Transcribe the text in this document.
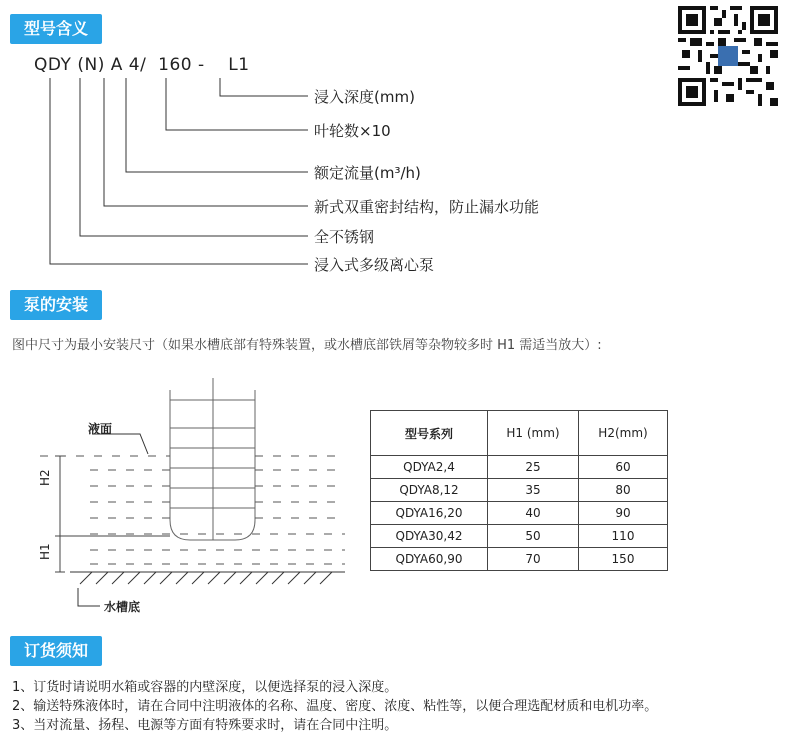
型号含义
QDY (N) A 4/ 160 - L1
浸入深度(mm)
叶轮数×10
额定流量(m³/h)
新式双重密封结构，防止漏水功能
全不锈钢
浸入式多级离心泵
泵的安装
图中尺寸为最小安装尺寸（如果水槽底部有特殊装置，或水槽底部铁屑等杂物较多时 H1 需适当放大）:
液面
水槽底
H2
H1
型号系列	H1 (mm)	H2(mm)
QDYA2,4	25	60
QDYA8,12	35	80
QDYA16,20	40	90
QDYA30,42	50	110
QDYA60,90	70	150
订货须知
1、订货时请说明水箱或容器的内壁深度，以便选择泵的浸入深度。
2、输送特殊液体时，请在合同中注明液体的名称、温度、密度、浓度、粘性等，以便合理选配材质和电机功率。
3、当对流量、扬程、电源等方面有特殊要求时，请在合同中注明。
